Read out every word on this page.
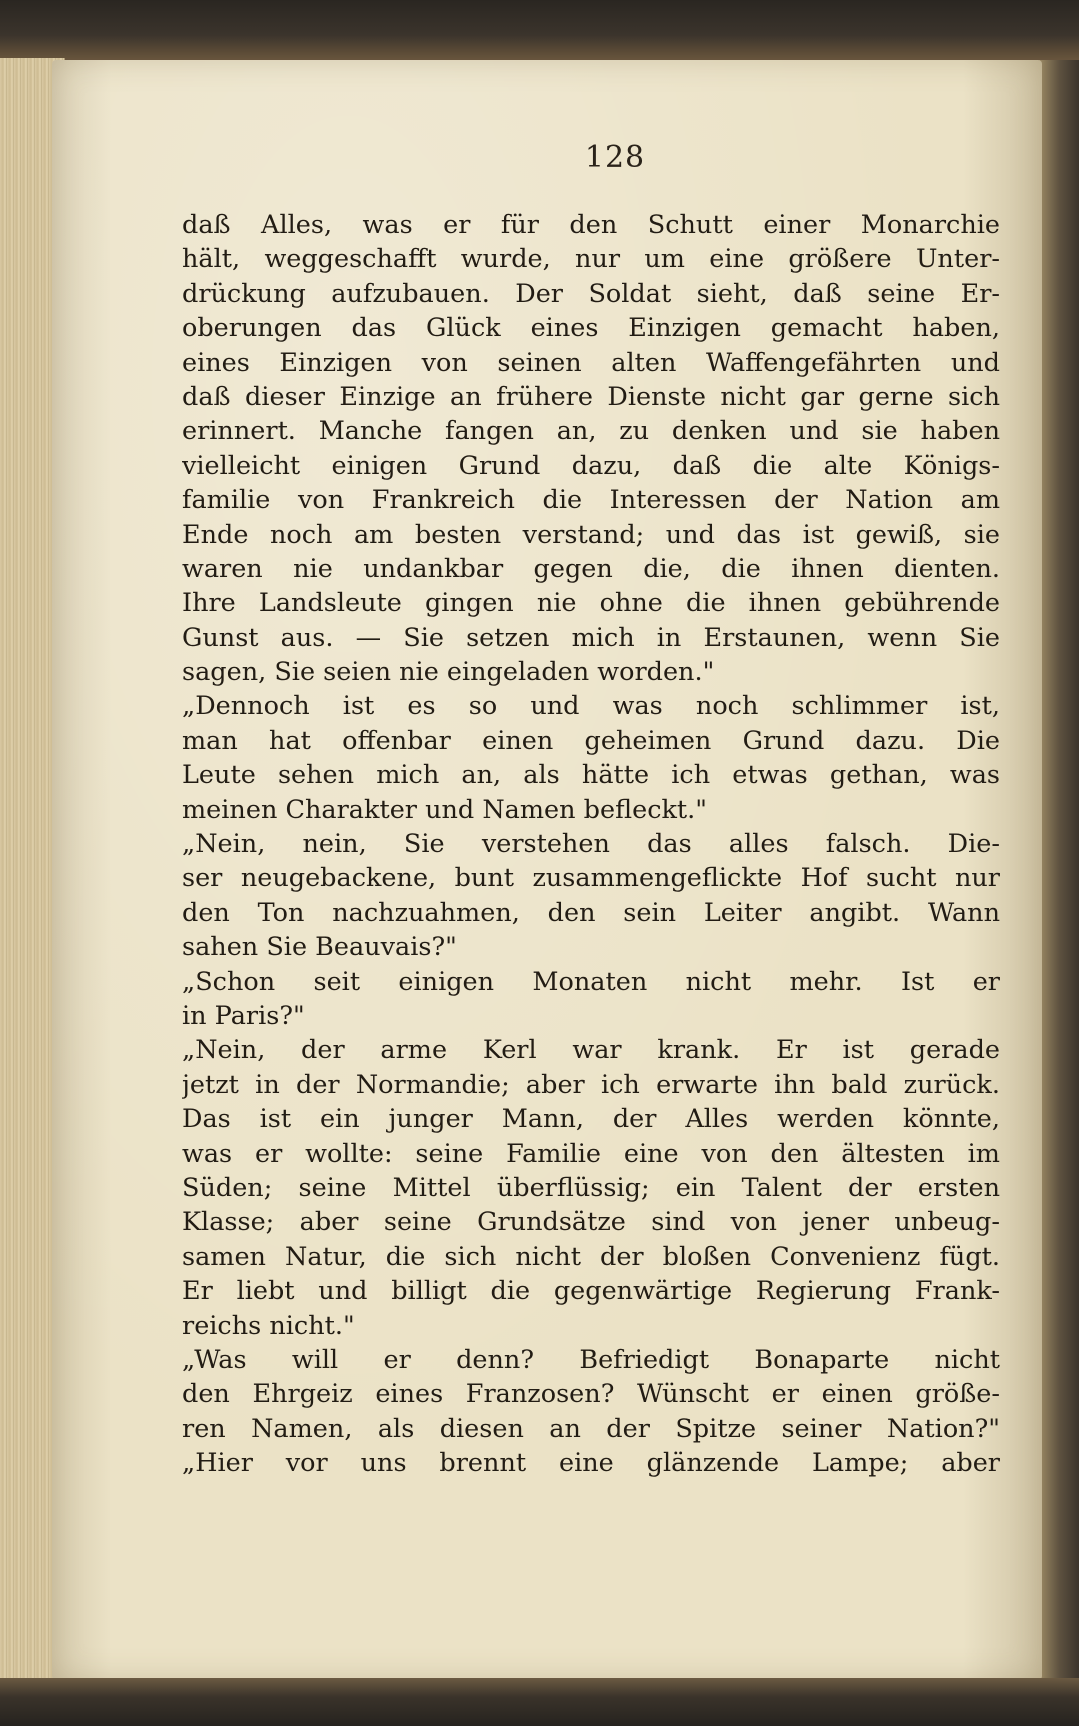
128
daß Alles, was er für den Schutt einer Monarchie
hält, weggeschafft wurde, nur um eine größere Unter-
drückung aufzubauen. Der Soldat sieht, daß seine Er-
oberungen das Glück eines Einzigen gemacht haben,
eines Einzigen von seinen alten Waffengefährten und
daß dieser Einzige an frühere Dienste nicht gar gerne sich
erinnert. Manche fangen an, zu denken und sie haben
vielleicht einigen Grund dazu, daß die alte Königs-
familie von Frankreich die Interessen der Nation am
Ende noch am besten verstand; und das ist gewiß, sie
waren nie undankbar gegen die, die ihnen dienten.
Ihre Landsleute gingen nie ohne die ihnen gebührende
Gunst aus. — Sie setzen mich in Erstaunen, wenn Sie
sagen, Sie seien nie eingeladen worden."
„Dennoch ist es so und was noch schlimmer ist,
man hat offenbar einen geheimen Grund dazu. Die
Leute sehen mich an, als hätte ich etwas gethan, was
meinen Charakter und Namen befleckt."
„Nein, nein, Sie verstehen das alles falsch. Die-
ser neugebackene, bunt zusammengeflickte Hof sucht nur
den Ton nachzuahmen, den sein Leiter angibt. Wann
sahen Sie Beauvais?"
„Schon seit einigen Monaten nicht mehr. Ist er
in Paris?"
„Nein, der arme Kerl war krank. Er ist gerade
jetzt in der Normandie; aber ich erwarte ihn bald zurück.
Das ist ein junger Mann, der Alles werden könnte,
was er wollte: seine Familie eine von den ältesten im
Süden; seine Mittel überflüssig; ein Talent der ersten
Klasse; aber seine Grundsätze sind von jener unbeug-
samen Natur, die sich nicht der bloßen Convenienz fügt.
Er liebt und billigt die gegenwärtige Regierung Frank-
reichs nicht."
„Was will er denn? Befriedigt Bonaparte nicht
den Ehrgeiz eines Franzosen? Wünscht er einen größe-
ren Namen, als diesen an der Spitze seiner Nation?"
„Hier vor uns brennt eine glänzende Lampe; aber
